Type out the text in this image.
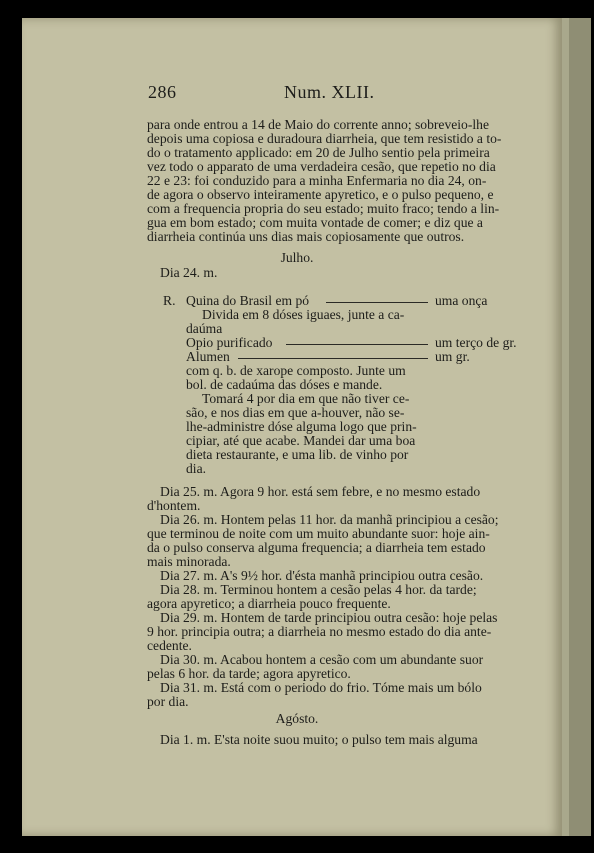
286	Num. XLII.
para onde entrou a 14 de Maio do corrente anno; sobreveio-lhe
depois uma copiosa e duradoura diarrheia, que tem resistido a to-
do o tratamento applicado: em 20 de Julho sentio pela primeira
vez todo o apparato de uma verdadeira cesão, que repetio no dia
22 e 23: foi conduzido para a minha Enfermaria no dia 24, on-
de agora o observo inteiramente apyretico, e o pulso pequeno, e
com a frequencia propria do seu estado; muito fraco; tendo a lin-
gua em bom estado; com muita vontade de comer; e diz que a
diarrheia continúa uns dias mais copiosamente que outros.
Julho.
Dia 24. m.
R. Quina do Brasil em pó	uma onça
Divida em 8 dóses iguaes, junte a ca-
daúma
Opio purificado	um terço de gr.
Alumen	um gr.
com q. b. de xarope composto. Junte um
bol. de cadaúma das dóses e mande.
Tomará 4 por dia em que não tiver ce-
são, e nos dias em que a-houver, não se-
lhe-administre dóse alguma logo que prin-
cipiar, até que acabe. Mandei dar uma boa
dieta restaurante, e uma lib. de vinho por
dia.
Dia 25. m. Agora 9 hor. está sem febre, e no mesmo estado
d'hontem.
Dia 26. m. Hontem pelas 11 hor. da manhã principiou a cesão;
que terminou de noite com um muito abundante suor: hoje ain-
da o pulso conserva alguma frequencia; a diarrheia tem estado
mais minorada.
Dia 27. m. A's 9½ hor. d'ésta manhã principiou outra cesão.
Dia 28. m. Terminou hontem a cesão pelas 4 hor. da tarde;
agora apyretico; a diarrheia pouco frequente.
Dia 29. m. Hontem de tarde principiou outra cesão: hoje pelas
9 hor. principia outra; a diarrheia no mesmo estado do dia ante-
cedente.
Dia 30. m. Acabou hontem a cesão com um abundante suor
pelas 6 hor. da tarde; agora apyretico.
Dia 31. m. Está com o periodo do frio. Tóme mais um bólo
por dia.
Agósto.
Dia 1. m. E'sta noite suou muito; o pulso tem mais alguma
